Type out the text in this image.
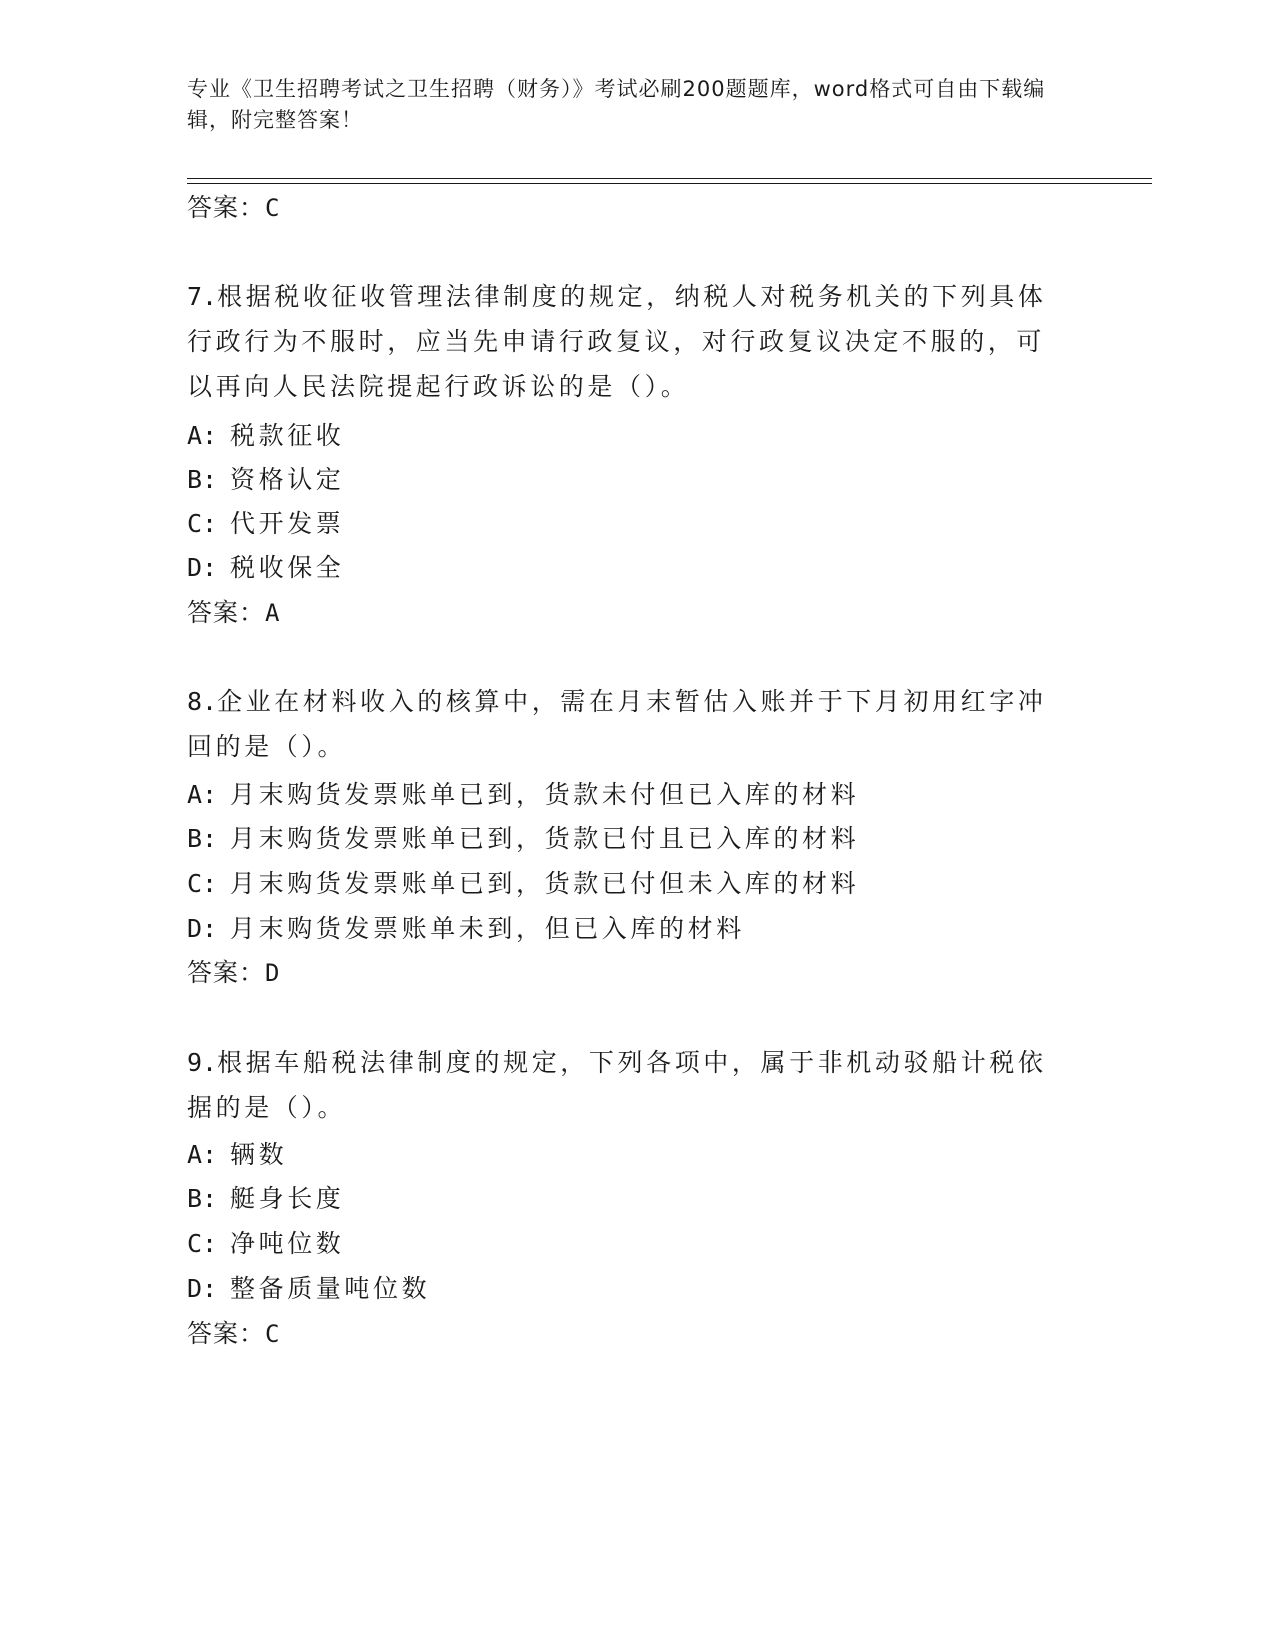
专业《卫生招聘考试之卫生招聘（财务）》考试必刷200题题库，word格式可自由下载编辑，附完整答案！
答案：C
7.根据税收征收管理法律制度的规定，纳税人对税务机关的下列具体行政行为不服时，应当先申请行政复议，对行政复议决定不服的，可以再向人民法院提起行政诉讼的是（）。
A: 税款征收
B: 资格认定
C: 代开发票
D: 税收保全
答案：A
8.企业在材料收入的核算中，需在月末暂估入账并于下月初用红字冲回的是（）。
A: 月末购货发票账单已到，货款未付但已入库的材料
B: 月末购货发票账单已到，货款已付且已入库的材料
C: 月末购货发票账单已到，货款已付但未入库的材料
D: 月末购货发票账单未到，但已入库的材料
答案：D
9.根据车船税法律制度的规定，下列各项中，属于非机动驳船计税依据的是（）。
A: 辆数
B: 艇身长度
C: 净吨位数
D: 整备质量吨位数
答案：C
